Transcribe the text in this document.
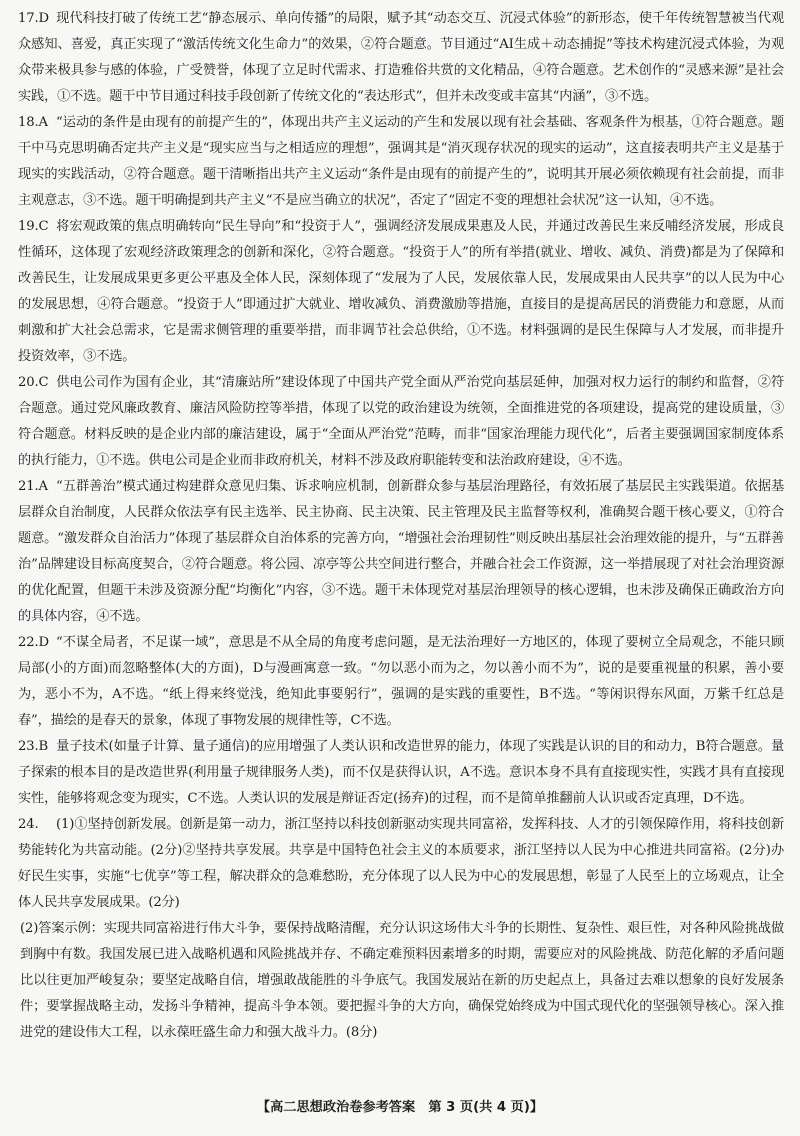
17.D 现代科技打破了传统工艺“静态展示、单向传播”的局限，赋予其“动态交互、沉浸式体验”的新形态，使千年传统智慧被当代观众感知、喜爱，真正实现了“激活传统文化生命力”的效果，②符合题意。节目通过“AI生成＋动态捕捉”等技术构建沉浸式体验，为观众带来极具参与感的体验，广受赞誉，体现了立足时代需求、打造雅俗共赏的文化精品，④符合题意。艺术创作的“灵感来源”是社会实践，①不选。题干中节目通过科技手段创新了传统文化的“表达形式”，但并未改变或丰富其“内涵”，③不选。

18.A “运动的条件是由现有的前提产生的”，体现出共产主义运动的产生和发展以现有社会基础、客观条件为根基，①符合题意。题干中马克思明确否定共产主义是“现实应当与之相适应的理想”，强调其是“消灭现存状况的现实的运动”，这直接表明共产主义是基于现实的实践活动，②符合题意。题干清晰指出共产主义运动“条件是由现有的前提产生的”，说明其开展必须依赖现有社会前提，而非主观意志，③不选。题干明确提到共产主义“不是应当确立的状况”，否定了“固定不变的理想社会状况”这一认知，④不选。

19.C 将宏观政策的焦点明确转向“民生导向”和“投资于人”，强调经济发展成果惠及人民，并通过改善民生来反哺经济发展，形成良性循环，这体现了宏观经济政策理念的创新和深化，②符合题意。“投资于人”的所有举措(就业、增收、减负、消费)都是为了保障和改善民生，让发展成果更多更公平惠及全体人民，深刻体现了“发展为了人民，发展依靠人民，发展成果由人民共享”的以人民为中心的发展思想，④符合题意。“投资于人”即通过扩大就业、增收减负、消费激励等措施，直接目的是提高居民的消费能力和意愿，从而刺激和扩大社会总需求，它是需求侧管理的重要举措，而非调节社会总供给，①不选。材料强调的是民生保障与人才发展，而非提升投资效率，③不选。

20.C 供电公司作为国有企业，其“清廉站所”建设体现了中国共产党全面从严治党向基层延伸，加强对权力运行的制约和监督，②符合题意。通过党风廉政教育、廉洁风险防控等举措，体现了以党的政治建设为统领，全面推进党的各项建设，提高党的建设质量，③符合题意。材料反映的是企业内部的廉洁建设，属于“全面从严治党”范畴，而非“国家治理能力现代化”，后者主要强调国家制度体系的执行能力，①不选。供电公司是企业而非政府机关，材料不涉及政府职能转变和法治政府建设，④不选。

21.A “五群善治”模式通过构建群众意见归集、诉求响应机制，创新群众参与基层治理路径，有效拓展了基层民主实践渠道。依据基层群众自治制度，人民群众依法享有民主选举、民主协商、民主决策、民主管理及民主监督等权利，准确契合题干核心要义，①符合题意。“激发群众自治活力”体现了基层群众自治体系的完善方向，“增强社会治理韧性”则反映出基层社会治理效能的提升，与“五群善治”品牌建设目标高度契合，②符合题意。将公园、凉亭等公共空间进行整合，并融合社会工作资源，这一举措展现了对社会治理资源的优化配置，但题干未涉及资源分配“均衡化”内容，③不选。题干未体现党对基层治理领导的核心逻辑，也未涉及确保正确政治方向的具体内容，④不选。

22.D “不谋全局者，不足谋一域”，意思是不从全局的角度考虑问题，是无法治理好一方地区的，体现了要树立全局观念，不能只顾局部(小的方面)而忽略整体(大的方面)，D与漫画寓意一致。“勿以恶小而为之，勿以善小而不为”，说的是要重视量的积累，善小要为，恶小不为，A不选。“纸上得来终觉浅，绝知此事要躬行”，强调的是实践的重要性，B不选。“等闲识得东风面，万紫千红总是春”，描绘的是春天的景象，体现了事物发展的规律性等，C不选。

23.B 量子技术(如量子计算、量子通信)的应用增强了人类认识和改造世界的能力，体现了实践是认识的目的和动力，B符合题意。量子探索的根本目的是改造世界(利用量子规律服务人类)，而不仅是获得认识，A不选。意识本身不具有直接现实性，实践才具有直接现实性，能够将观念变为现实，C不选。人类认识的发展是辩证否定(扬弃)的过程，而不是简单推翻前人认识或否定真理，D不选。

24. (1)①坚持创新发展。创新是第一动力，浙江坚持以科技创新驱动实现共同富裕，发挥科技、人才的引领保障作用，将科技创新势能转化为共富动能。(2分)②坚持共享发展。共享是中国特色社会主义的本质要求，浙江坚持以人民为中心推进共同富裕。(2分)办好民生实事，实施“七优享”等工程，解决群众的急难愁盼，充分体现了以人民为中心的发展思想，彰显了人民至上的立场观点，让全体人民共享发展成果。(2分)

(2)答案示例：实现共同富裕进行伟大斗争，要保持战略清醒，充分认识这场伟大斗争的长期性、复杂性、艰巨性，对各种风险挑战做到胸中有数。我国发展已进入战略机遇和风险挑战并存、不确定难预料因素增多的时期，需要应对的风险挑战、防范化解的矛盾问题比以往更加严峻复杂；要坚定战略自信，增强敢战能胜的斗争底气。我国发展站在新的历史起点上，具备过去难以想象的良好发展条件；要掌握战略主动，发扬斗争精神，提高斗争本领。要把握斗争的大方向，确保党始终成为中国式现代化的坚强领导核心。深入推进党的建设伟大工程，以永葆旺盛生命力和强大战斗力。(8分)

【高二思想政治卷参考答案　第 3 页(共 4 页)】
